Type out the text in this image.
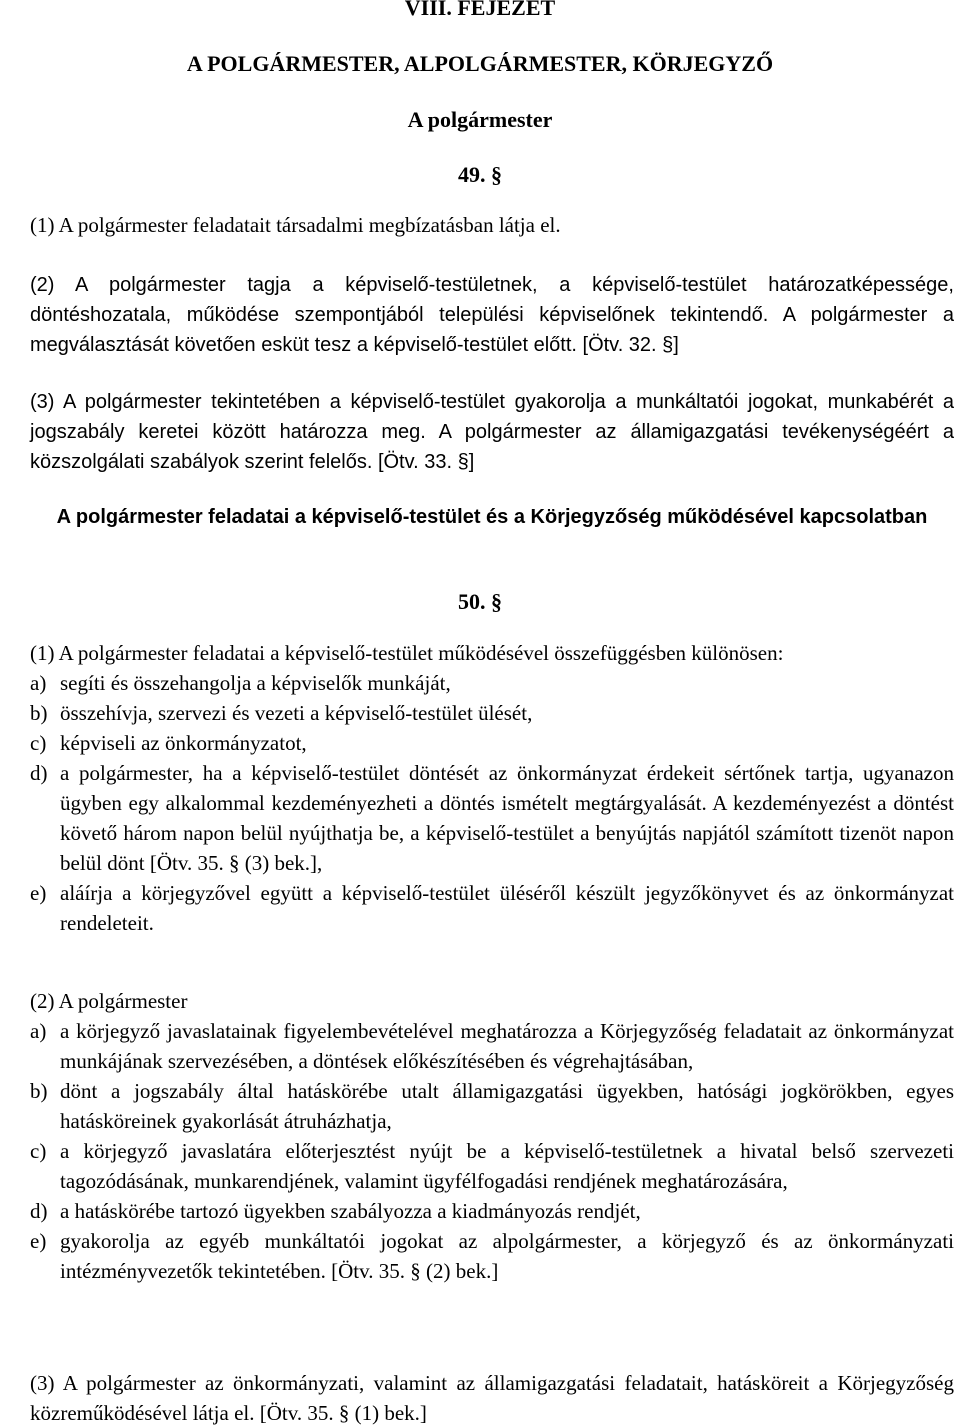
VIII. FEJEZET
A POLGÁRMESTER, ALPOLGÁRMESTER, KÖRJEGYZŐ
A polgármester
49. §

(1) A polgármester feladatait társadalmi megbízatásban látja el.

(2) A polgármester tagja a képviselő-testületnek, a képviselő-testület határozatképessége, döntéshozatala, működése szempontjából települési képviselőnek tekintendő. A polgármester a megválasztását követően esküt tesz a képviselő-testület előtt. [Ötv. 32. §]

(3) A polgármester tekintetében a képviselő-testület gyakorolja a munkáltatói jogokat, munkabérét a jogszabály keretei között határozza meg. A polgármester az államigazgatási tevékenységéért a közszolgálati szabályok szerint felelős. [Ötv. 33. §]

A polgármester feladatai a képviselő-testület és a Körjegyzőség működésével kapcsolatban
50. §
(1) A polgármester feladatai a képviselő-testület működésével összefüggésben különösen:
a) segíti és összehangolja a képviselők munkáját,
b) összehívja, szervezi és vezeti a képviselő-testület ülését,
c) képviseli az önkormányzatot,
d) a polgármester, ha a képviselő-testület döntését az önkormányzat érdekeit sértőnek tartja, ugyanazon ügyben egy alkalommal kezdeményezheti a döntés ismételt megtárgyalását. A kezdeményezést a döntést követő három napon belül nyújthatja be, a képviselő-testület a benyújtás napjától számított tizenöt napon belül dönt [Ötv. 35. § (3) bek.],
e) aláírja a körjegyzővel együtt a képviselő-testület üléséről készült jegyzőkönyvet és az önkormányzat rendeleteit.
(2) A polgármester
a) a körjegyző javaslatainak figyelembevételével meghatározza a Körjegyzőség feladatait az önkormányzat munkájának szervezésében, a döntések előkészítésében és végrehajtásában,
b) dönt a jogszabály által hatáskörébe utalt államigazgatási ügyekben, hatósági jogkörökben, egyes hatásköreinek gyakorlását átruházhatja,
c) a körjegyző javaslatára előterjesztést nyújt be a képviselő-testületnek a hivatal belső szervezeti tagozódásának, munkarendjének, valamint ügyfélfogadási rendjének meghatározására,
d) a hatáskörébe tartozó ügyekben szabályozza a kiadmányozás rendjét,
e) gyakorolja az egyéb munkáltatói jogokat az alpolgármester, a körjegyző és az önkormányzati intézményvezetők tekintetében. [Ötv. 35. § (2) bek.]

(3) A polgármester az önkormányzati, valamint az államigazgatási feladatait, hatásköreit a Körjegyzőség közreműködésével látja el. [Ötv. 35. § (1) bek.]
